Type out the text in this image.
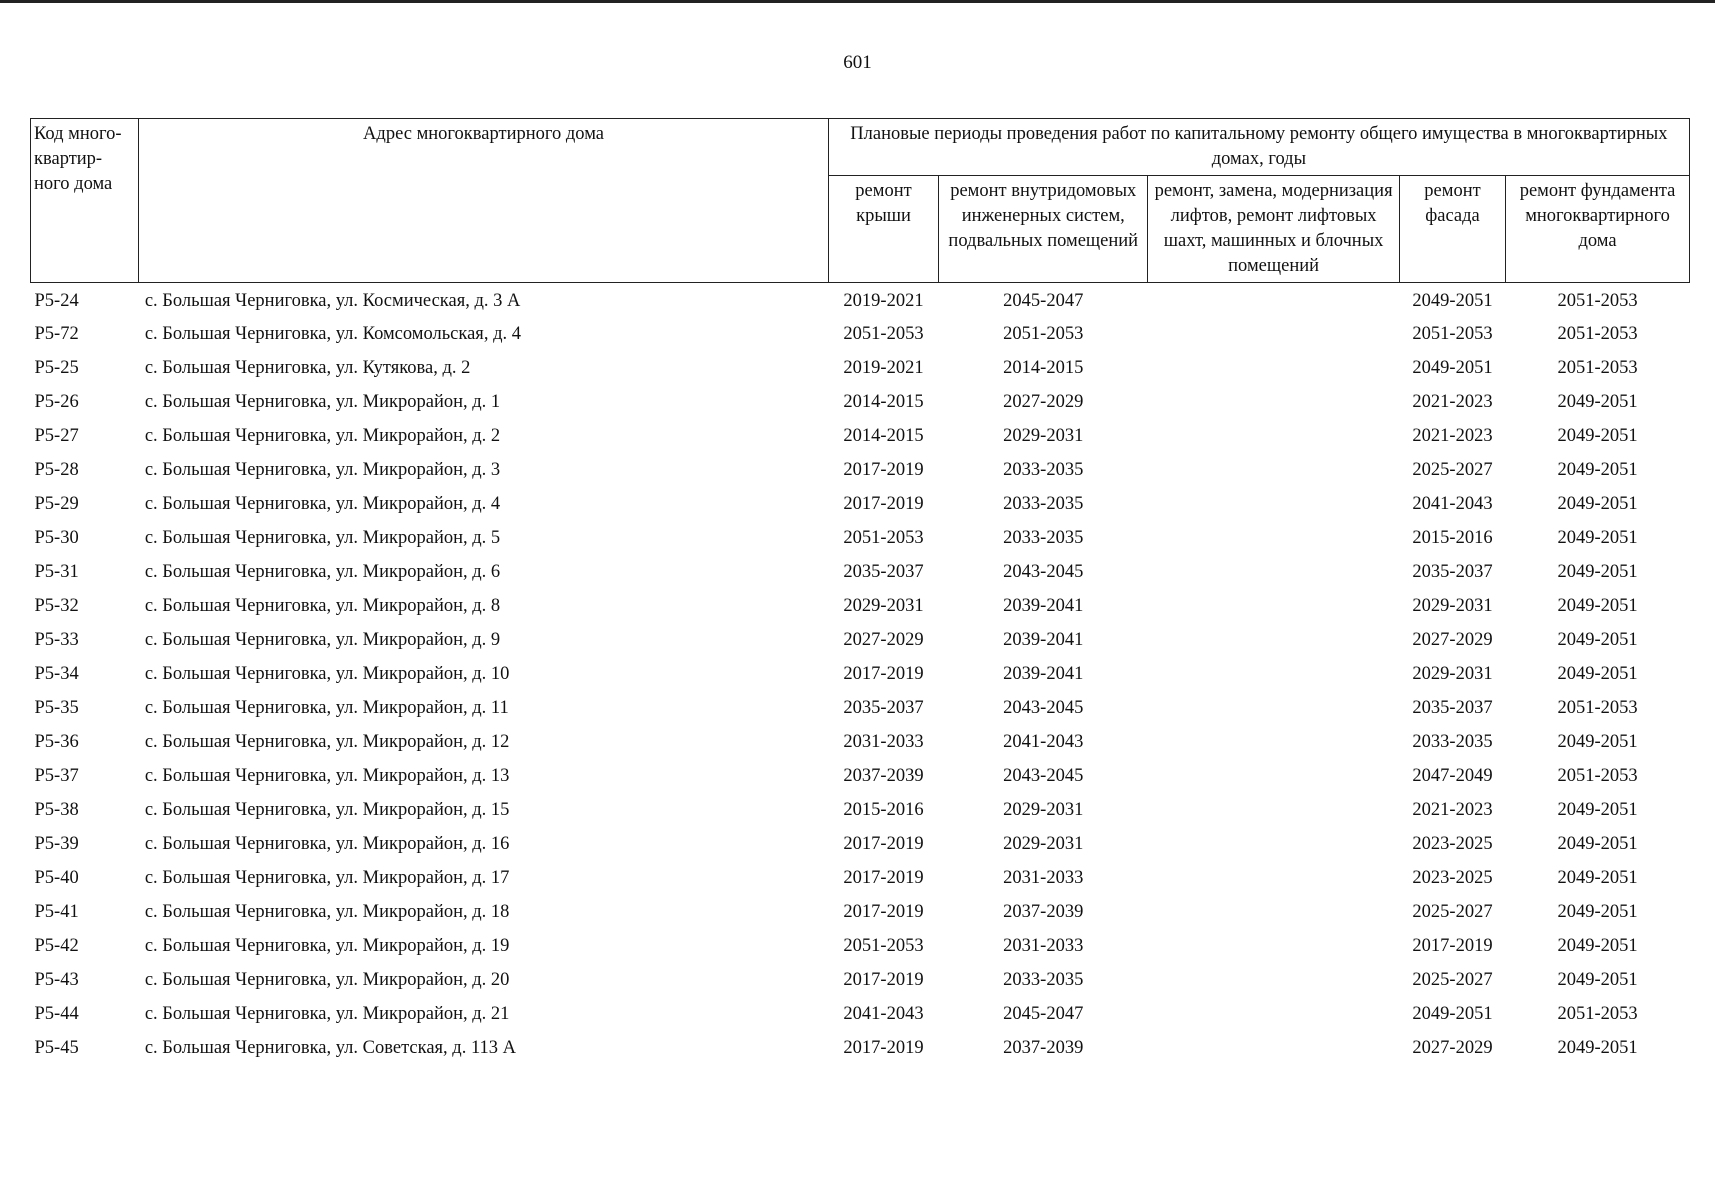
601
Код много-квартир-ного дома	Адрес многоквартирного дома	Плановые периоды проведения работ по капитальному ремонту общего имущества в многоквартирных домах, годы				
		ремонт крыши	ремонт внутридомовых инженерных систем, подвальных помещений	ремонт, замена, модернизация лифтов, ремонт лифтовых шахт, машинных и блочных помещений	ремонт фасада	ремонт фундамента многоквартирного дома
Р5-24	с. Большая Черниговка, ул. Космическая, д. 3 А	2019-2021	2045-2047		2049-2051	2051-2053
Р5-72	с. Большая Черниговка, ул. Комсомольская, д. 4	2051-2053	2051-2053		2051-2053	2051-2053
Р5-25	с. Большая Черниговка, ул. Кутякова, д. 2	2019-2021	2014-2015		2049-2051	2051-2053
Р5-26	с. Большая Черниговка, ул. Микрорайон, д. 1	2014-2015	2027-2029		2021-2023	2049-2051
Р5-27	с. Большая Черниговка, ул. Микрорайон, д. 2	2014-2015	2029-2031		2021-2023	2049-2051
Р5-28	с. Большая Черниговка, ул. Микрорайон, д. 3	2017-2019	2033-2035		2025-2027	2049-2051
Р5-29	с. Большая Черниговка, ул. Микрорайон, д. 4	2017-2019	2033-2035		2041-2043	2049-2051
Р5-30	с. Большая Черниговка, ул. Микрорайон, д. 5	2051-2053	2033-2035		2015-2016	2049-2051
Р5-31	с. Большая Черниговка, ул. Микрорайон, д. 6	2035-2037	2043-2045		2035-2037	2049-2051
Р5-32	с. Большая Черниговка, ул. Микрорайон, д. 8	2029-2031	2039-2041		2029-2031	2049-2051
Р5-33	с. Большая Черниговка, ул. Микрорайон, д. 9	2027-2029	2039-2041		2027-2029	2049-2051
Р5-34	с. Большая Черниговка, ул. Микрорайон, д. 10	2017-2019	2039-2041		2029-2031	2049-2051
Р5-35	с. Большая Черниговка, ул. Микрорайон, д. 11	2035-2037	2043-2045		2035-2037	2051-2053
Р5-36	с. Большая Черниговка, ул. Микрорайон, д. 12	2031-2033	2041-2043		2033-2035	2049-2051
Р5-37	с. Большая Черниговка, ул. Микрорайон, д. 13	2037-2039	2043-2045		2047-2049	2051-2053
Р5-38	с. Большая Черниговка, ул. Микрорайон, д. 15	2015-2016	2029-2031		2021-2023	2049-2051
Р5-39	с. Большая Черниговка, ул. Микрорайон, д. 16	2017-2019	2029-2031		2023-2025	2049-2051
Р5-40	с. Большая Черниговка, ул. Микрорайон, д. 17	2017-2019	2031-2033		2023-2025	2049-2051
Р5-41	с. Большая Черниговка, ул. Микрорайон, д. 18	2017-2019	2037-2039		2025-2027	2049-2051
Р5-42	с. Большая Черниговка, ул. Микрорайон, д. 19	2051-2053	2031-2033		2017-2019	2049-2051
Р5-43	с. Большая Черниговка, ул. Микрорайон, д. 20	2017-2019	2033-2035		2025-2027	2049-2051
Р5-44	с. Большая Черниговка, ул. Микрорайон, д. 21	2041-2043	2045-2047		2049-2051	2051-2053
Р5-45	с. Большая Черниговка, ул. Советская, д. 113 А	2017-2019	2037-2039		2027-2029	2049-2051
